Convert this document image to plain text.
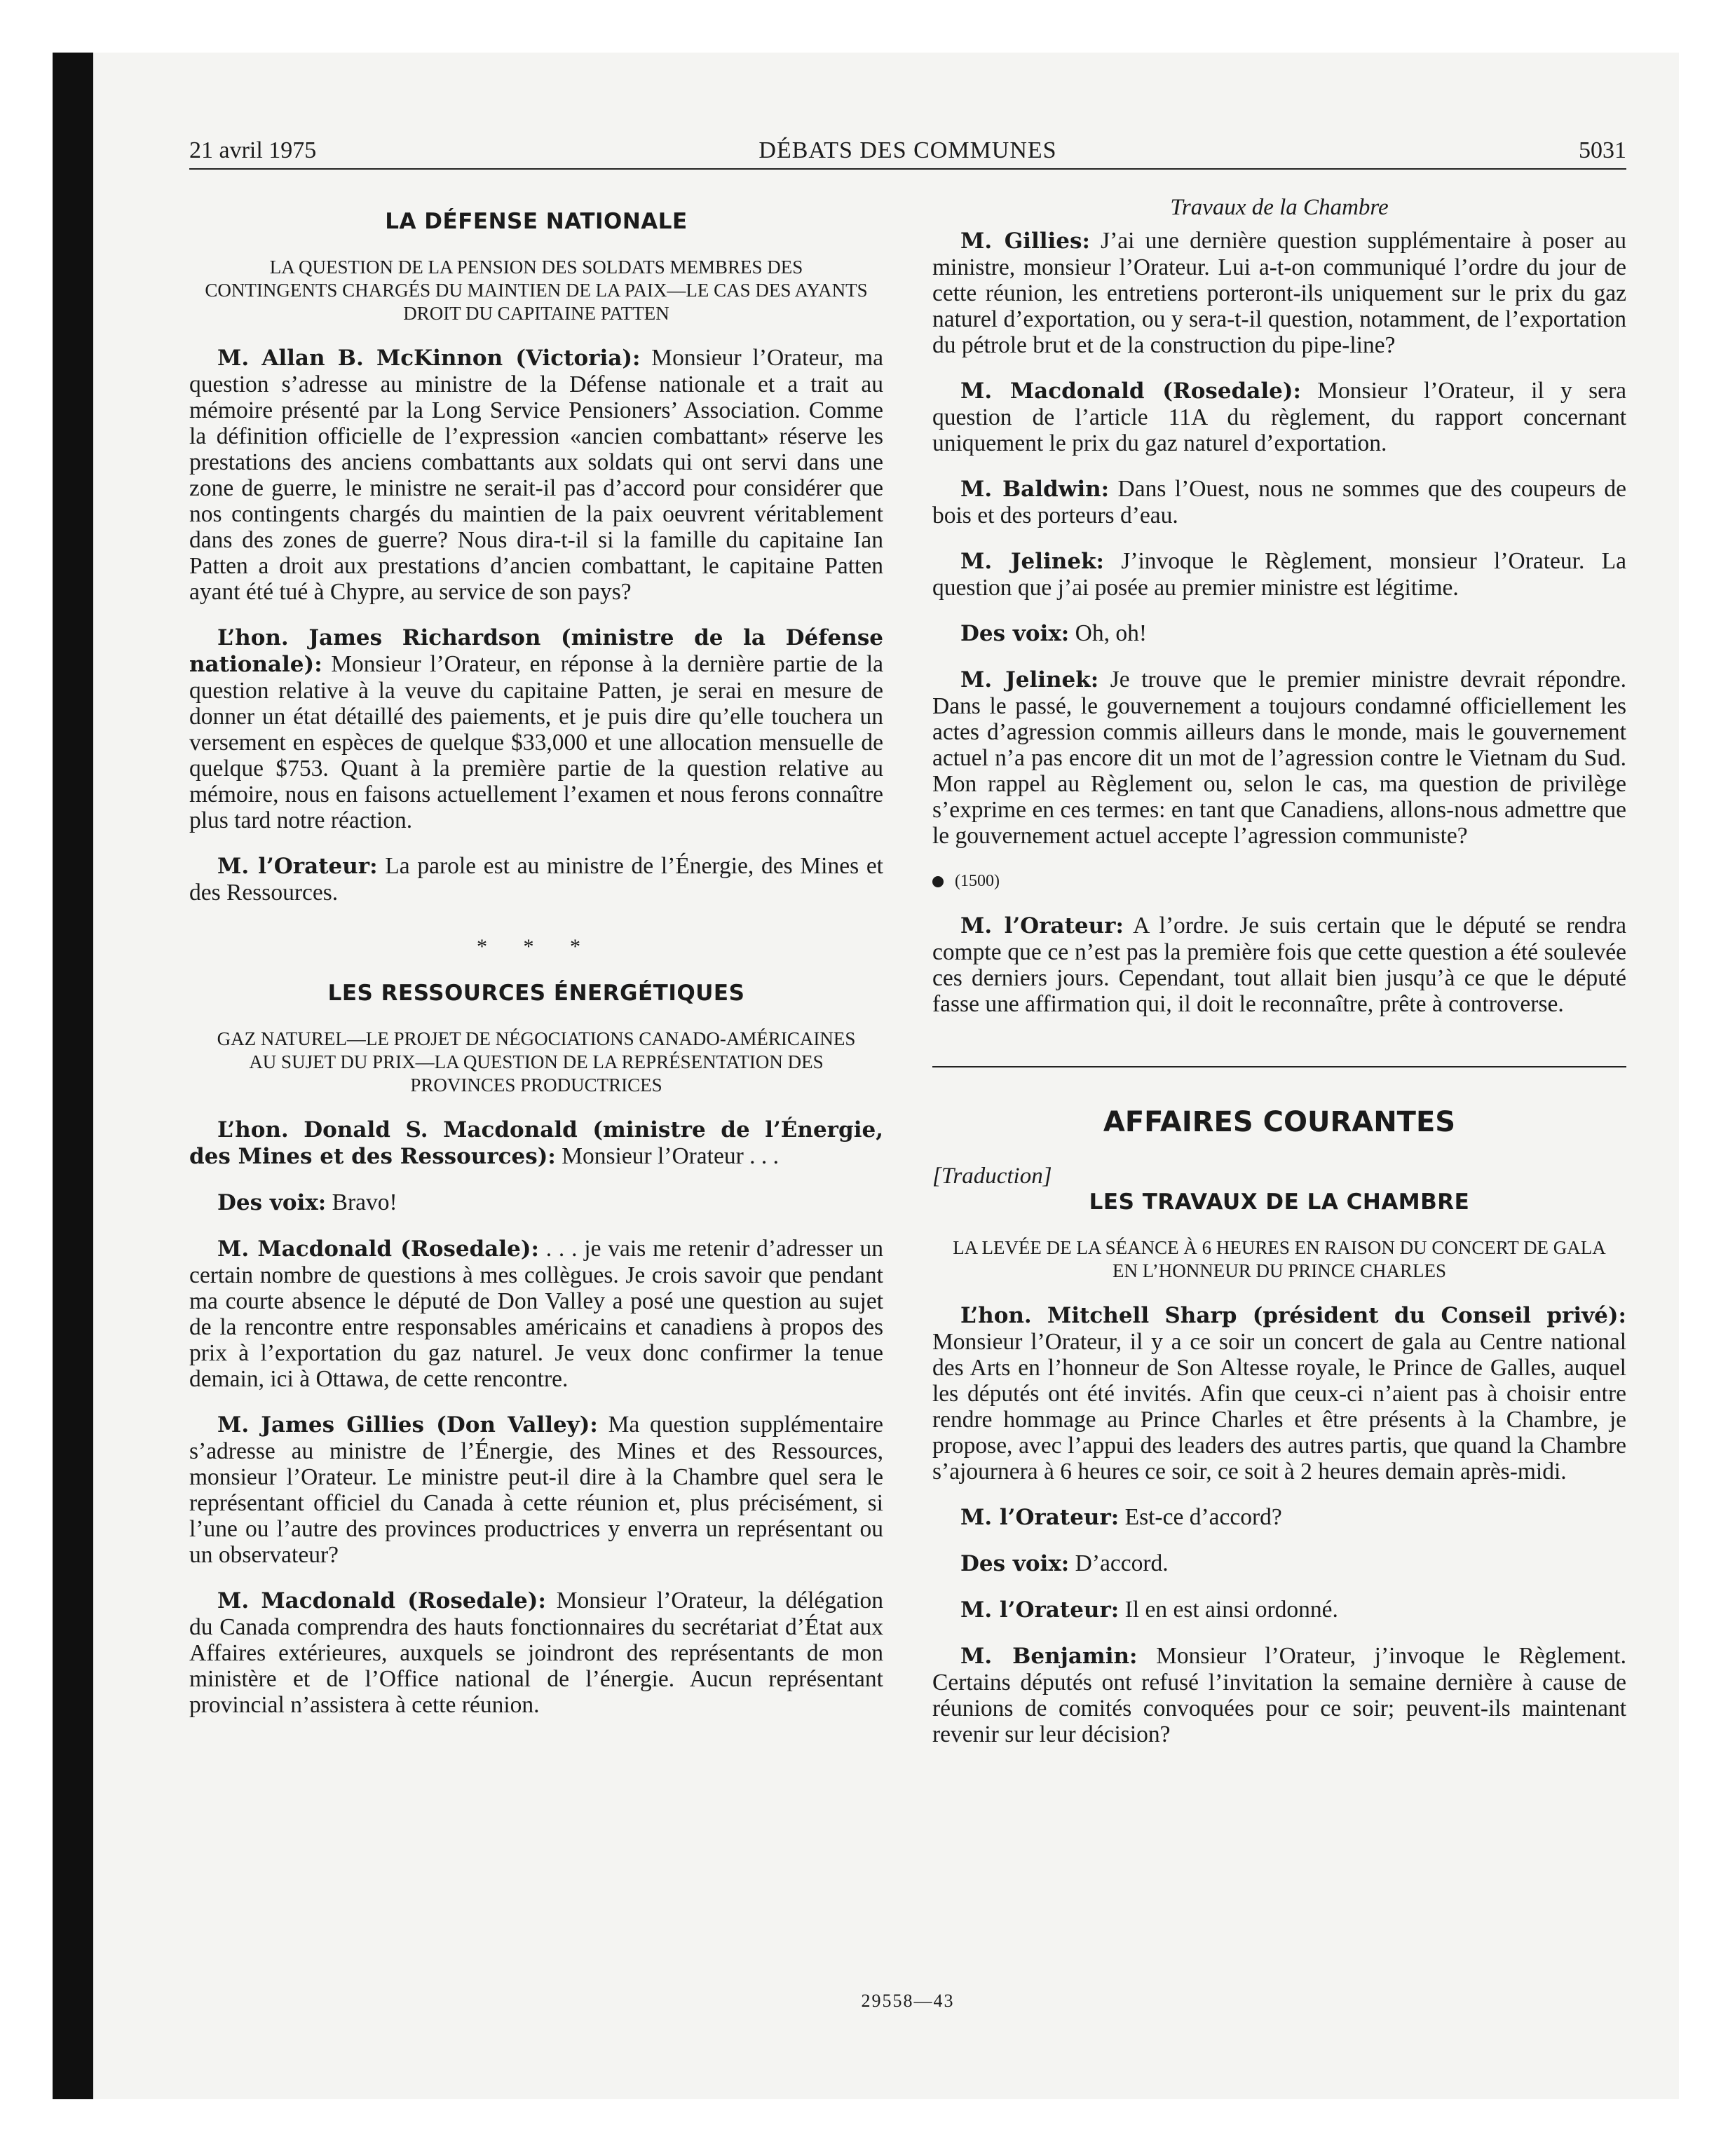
21 avril 1975	DÉBATS DES COMMUNES	5031
LA DÉFENSE NATIONALE
LA QUESTION DE LA PENSION DES SOLDATS MEMBRES DES CONTINGENTS CHARGÉS DU MAINTIEN DE LA PAIX—LE CAS DES AYANTS DROIT DU CAPITAINE PATTEN

M. Allan B. McKinnon (Victoria): Monsieur l’Orateur, ma question s’adresse au ministre de la Défense nationale et a trait au mémoire présenté par la Long Service Pensioners’ Association. Comme la définition officielle de l’expression «ancien combattant» réserve les prestations des anciens combattants aux soldats qui ont servi dans une zone de guerre, le ministre ne serait-il pas d’accord pour considérer que nos contingents chargés du maintien de la paix oeuvrent véritablement dans des zones de guerre? Nous dira-t-il si la famille du capitaine Ian Patten a droit aux prestations d’ancien combattant, le capitaine Patten ayant été tué à Chypre, au service de son pays?

L’hon. James Richardson (ministre de la Défense nationale): Monsieur l’Orateur, en réponse à la dernière partie de la question relative à la veuve du capitaine Patten, je serai en mesure de donner un état détaillé des paiements, et je puis dire qu’elle touchera un versement en espèces de quelque $33,000 et une allocation mensuelle de quelque $753. Quant à la première partie de la question relative au mémoire, nous en faisons actuellement l’examen et nous ferons connaître plus tard notre réaction.

M. l’Orateur: La parole est au ministre de l’Énergie, des Mines et des Ressources.

* * *
LES RESSOURCES ÉNERGÉTIQUES
GAZ NATUREL—LE PROJET DE NÉGOCIATIONS CANADO-AMÉRICAINES AU SUJET DU PRIX—LA QUESTION DE LA REPRÉSENTATION DES PROVINCES PRODUCTRICES

L’hon. Donald S. Macdonald (ministre de l’Énergie, des Mines et des Ressources): Monsieur l’Orateur . . .

Des voix: Bravo!

M. Macdonald (Rosedale): . . . je vais me retenir d’adresser un certain nombre de questions à mes collègues. Je crois savoir que pendant ma courte absence le député de Don Valley a posé une question au sujet de la rencontre entre responsables américains et canadiens à propos des prix à l’exportation du gaz naturel. Je veux donc confirmer la tenue demain, ici à Ottawa, de cette rencontre.

M. James Gillies (Don Valley): Ma question supplémentaire s’adresse au ministre de l’Énergie, des Mines et des Ressources, monsieur l’Orateur. Le ministre peut-il dire à la Chambre quel sera le représentant officiel du Canada à cette réunion et, plus précisément, si l’une ou l’autre des provinces productrices y enverra un représentant ou un observateur?

M. Macdonald (Rosedale): Monsieur l’Orateur, la délégation du Canada comprendra des hauts fonctionnaires du secrétariat d’État aux Affaires extérieures, auxquels se joindront des représentants de mon ministère et de l’Office national de l’énergie. Aucun représentant provincial n’assistera à cette réunion.

Travaux de la Chambre

M. Gillies: J’ai une dernière question supplémentaire à poser au ministre, monsieur l’Orateur. Lui a-t-on communiqué l’ordre du jour de cette réunion, les entretiens porteront-ils uniquement sur le prix du gaz naturel d’exportation, ou y sera-t-il question, notamment, de l’exportation du pétrole brut et de la construction du pipe-line?

M. Macdonald (Rosedale): Monsieur l’Orateur, il y sera question de l’article 11A du règlement, du rapport concernant uniquement le prix du gaz naturel d’exportation.

M. Baldwin: Dans l’Ouest, nous ne sommes que des coupeurs de bois et des porteurs d’eau.

M. Jelinek: J’invoque le Règlement, monsieur l’Orateur. La question que j’ai posée au premier ministre est légitime.

Des voix: Oh, oh!

M. Jelinek: Je trouve que le premier ministre devrait répondre. Dans le passé, le gouvernement a toujours condamné officiellement les actes d’agression commis ailleurs dans le monde, mais le gouvernement actuel n’a pas encore dit un mot de l’agression contre le Vietnam du Sud. Mon rappel au Règlement ou, selon le cas, ma question de privilège s’exprime en ces termes: en tant que Canadiens, allons-nous admettre que le gouvernement actuel accepte l’agression communiste?

(1500)

M. l’Orateur: A l’ordre. Je suis certain que le député se rendra compte que ce n’est pas la première fois que cette question a été soulevée ces derniers jours. Cependant, tout allait bien jusqu’à ce que le député fasse une affirmation qui, il doit le reconnaître, prête à controverse.

AFFAIRES COURANTES
[Traduction]
LES TRAVAUX DE LA CHAMBRE
LA LEVÉE DE LA SÉANCE À 6 HEURES EN RAISON DU CONCERT DE GALA EN L’HONNEUR DU PRINCE CHARLES

L’hon. Mitchell Sharp (président du Conseil privé): Monsieur l’Orateur, il y a ce soir un concert de gala au Centre national des Arts en l’honneur de Son Altesse royale, le Prince de Galles, auquel les députés ont été invités. Afin que ceux-ci n’aient pas à choisir entre rendre hommage au Prince Charles et être présents à la Chambre, je propose, avec l’appui des leaders des autres partis, que quand la Chambre s’ajournera à 6 heures ce soir, ce soit à 2 heures demain après-midi.

M. l’Orateur: Est-ce d’accord?

Des voix: D’accord.

M. l’Orateur: Il en est ainsi ordonné.

M. Benjamin: Monsieur l’Orateur, j’invoque le Règlement. Certains députés ont refusé l’invitation la semaine dernière à cause de réunions de comités convoquées pour ce soir; peuvent-ils maintenant revenir sur leur décision?

29558—43
